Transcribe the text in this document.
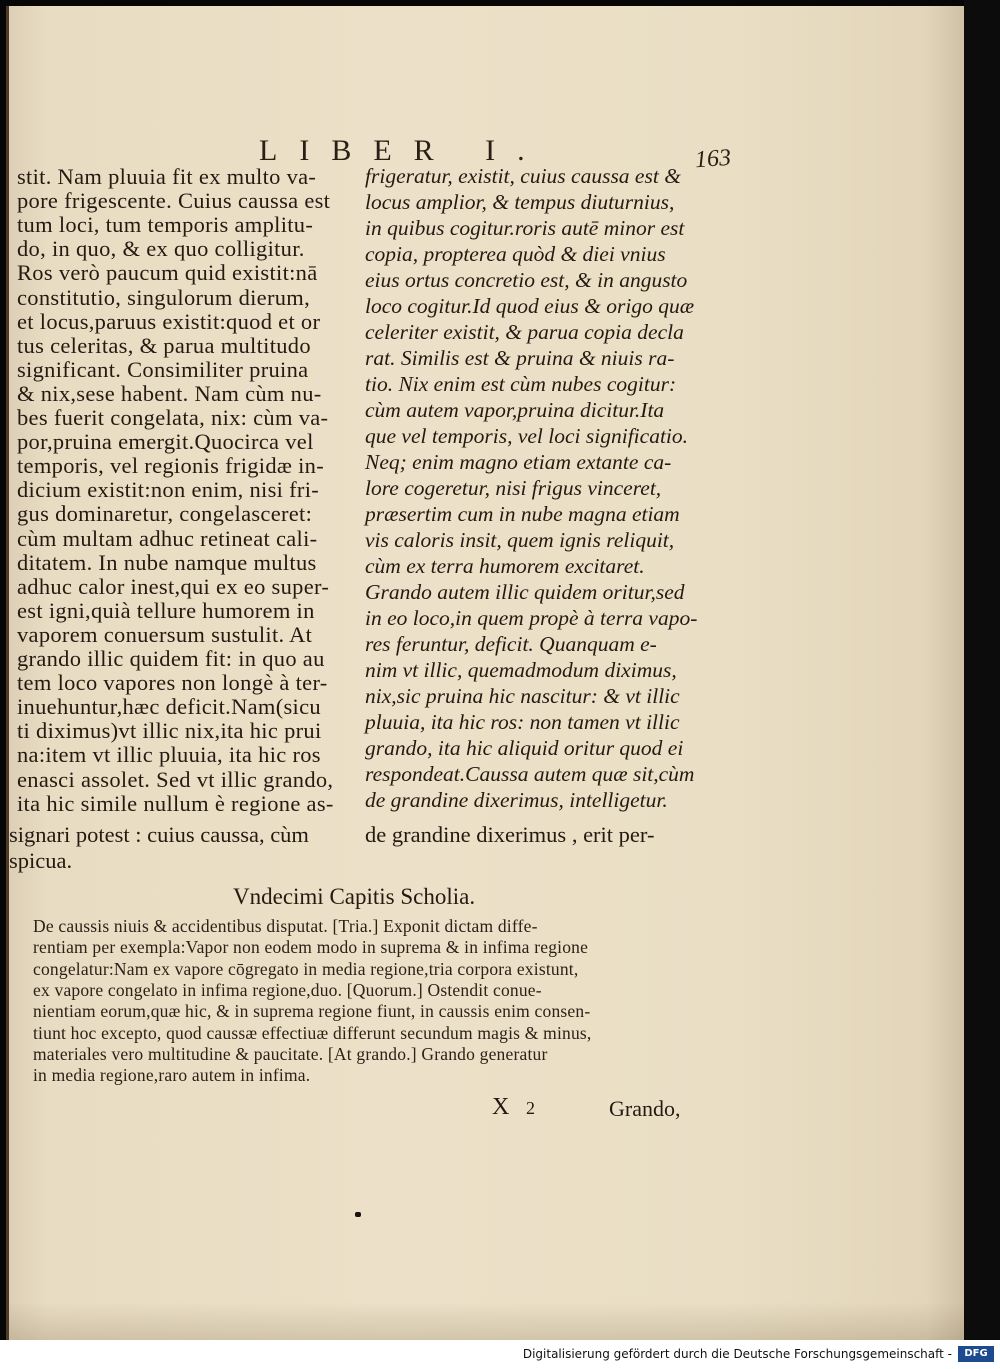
LIBER I.	163
stit. Nam pluuia fit ex multo va-
pore frigescente. Cuius caussa est
tum loci, tum temporis amplitu-
do, in quo, & ex quo colligitur.
Ros verò paucum quid existit:nā
constitutio, singulorum dierum,
et locus,paruus existit:quod et or
tus celeritas, & parua multitudo
significant. Consimiliter pruina
& nix,sese habent. Nam cùm nu-
bes fuerit congelata, nix: cùm va-
por,pruina emergit.Quocirca vel
temporis, vel regionis frigidæ in-
dicium existit:non enim, nisi fri-
gus dominaretur, congelasceret:
cùm multam adhuc retineat cali-
ditatem. In nube namque multus
adhuc calor inest,qui ex eo super-
est igni,quià tellure humorem in
vaporem conuersum sustulit. At
grando illic quidem fit: in quo au
tem loco vapores non longè à ter-
inuehuntur,hæc deficit.Nam(sicu
ti diximus)vt illic nix,ita hic prui
na:item vt illic pluuia, ita hic ros
enasci assolet. Sed vt illic grando,
ita hic simile nullum è regione as-
frigeratur, existit, cuius caussa est &
locus amplior, & tempus diuturnius,
in quibus cogitur.roris autē minor est
copia, propterea quòd & diei vnius
eius ortus concretio est, & in angusto
loco cogitur.Id quod eius & origo quæ
celeriter existit, & parua copia decla
rat. Similis est & pruina & niuis ra-
tio. Nix enim est cùm nubes cogitur:
cùm autem vapor,pruina dicitur.Ita
que vel temporis, vel loci significatio.
Neq; enim magno etiam extante ca-
lore cogeretur, nisi frigus vinceret,
præsertim cum in nube magna etiam
vis caloris insit, quem ignis reliquit,
cùm ex terra humorem excitaret.
Grando autem illic quidem oritur,sed
in eo loco,in quem propè à terra vapo-
res feruntur, deficit. Quanquam e-
nim vt illic, quemadmodum diximus,
nix,sic pruina hic nascitur: & vt illic
pluuia, ita hic ros: non tamen vt illic
grando, ita hic aliquid oritur quod ei
respondeat.Caussa autem quæ sit,cùm
de grandine dixerimus, intelligetur.
signari potest : cuius caussa, cùm de grandine dixerimus , erit per-
spicua.
Vndecimi Capitis Scholia.
De caussis niuis & accidentibus disputat. [Tria.] Exponit dictam diffe-
rentiam per exempla:Vapor non eodem modo in suprema & in infima regione
congelatur:Nam ex vapore cōgregato in media regione,tria corpora existunt,
ex vapore congelato in infima regione,duo. [Quorum.] Ostendit conue-
nientiam eorum,quæ hic, & in suprema regione fiunt, in caussis enim consen-
tiunt hoc excepto, quod caussæ effectiuæ differunt secundum magis & minus,
materiales vero multitudine & paucitate. [At grando.] Grando generatur
in media regione,raro autem in infima.
X 2	Grando,
Digitalisierung gefördert durch die Deutsche Forschungsgemeinschaft -	DFG
